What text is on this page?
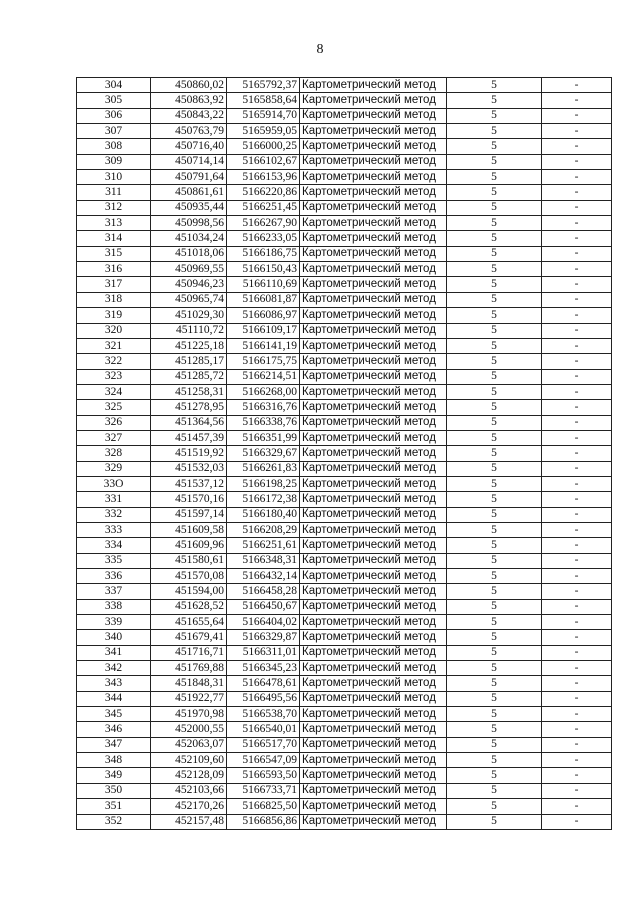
8
304	450860,02	5165792,37	Картометрический метод	5	-
305	450863,92	5165858,64	Картометрический метод	5	-
306	450843,22	5165914,70	Картометрический метод	5	-
307	450763,79	5165959,05	Картометрический метод	5	-
308	450716,40	5166000,25	Картометрический метод	5	-
309	450714,14	5166102,67	Картометрический метод	5	-
310	450791,64	5166153,96	Картометрический метод	5	-
311	450861,61	5166220,86	Картометрический метод	5	-
312	450935,44	5166251,45	Картометрический метод	5	-
313	450998,56	5166267,90	Картометрический метод	5	-
314	451034,24	5166233,05	Картометрический метод	5	-
315	451018,06	5166186,75	Картометрический метод	5	-
316	450969,55	5166150,43	Картометрический метод	5	-
317	450946,23	5166110,69	Картометрический метод	5	-
318	450965,74	5166081,87	Картометрический метод	5	-
319	451029,30	5166086,97	Картометрический метод	5	-
320	451110,72	5166109,17	Картометрический метод	5	-
321	451225,18	5166141,19	Картометрический метод	5	-
322	451285,17	5166175,75	Картометрический метод	5	-
323	451285,72	5166214,51	Картометрический метод	5	-
324	451258,31	5166268,00	Картометрический метод	5	-
325	451278,95	5166316,76	Картометрический метод	5	-
326	451364,56	5166338,76	Картометрический метод	5	-
327	451457,39	5166351,99	Картометрический метод	5	-
328	451519,92	5166329,67	Картометрический метод	5	-
329	451532,03	5166261,83	Картометрический метод	5	-
33O	451537,12	5166198,25	Картометрический метод	5	-
331	451570,16	5166172,38	Картометрический метод	5	-
332	451597,14	5166180,40	Картометрический метод	5	-
333	451609,58	5166208,29	Картометрический метод	5	-
334	451609,96	5166251,61	Картометрический метод	5	-
335	451580,61	5166348,31	Картометрический метод	5	-
336	451570,08	5166432,14	Картометрический метод	5	-
337	451594,00	5166458,28	Картометрический метод	5	-
338	451628,52	5166450,67	Картометрический метод	5	-
339	451655,64	5166404,02	Картометрический метод	5	-
340	451679,41	5166329,87	Картометрический метод	5	-
341	451716,71	5166311,01	Картометрический метод	5	-
342	451769,88	5166345,23	Картометрический метод	5	-
343	451848,31	5166478,61	Картометрический метод	5	-
344	451922,77	5166495,56	Картометрический метод	5	-
345	451970,98	5166538,70	Картометрический метод	5	-
346	452000,55	5166540,01	Картометрический метод	5	-
347	452063,07	5166517,70	Картометрический метод	5	-
348	452109,60	5166547,09	Картометрический метод	5	-
349	452128,09	5166593,50	Картометрический метод	5	-
350	452103,66	5166733,71	Картометрический метод	5	-
351	452170,26	5166825,50	Картометрический метод	5	-
352	452157,48	5166856,86	Картометрический метод	5	-
